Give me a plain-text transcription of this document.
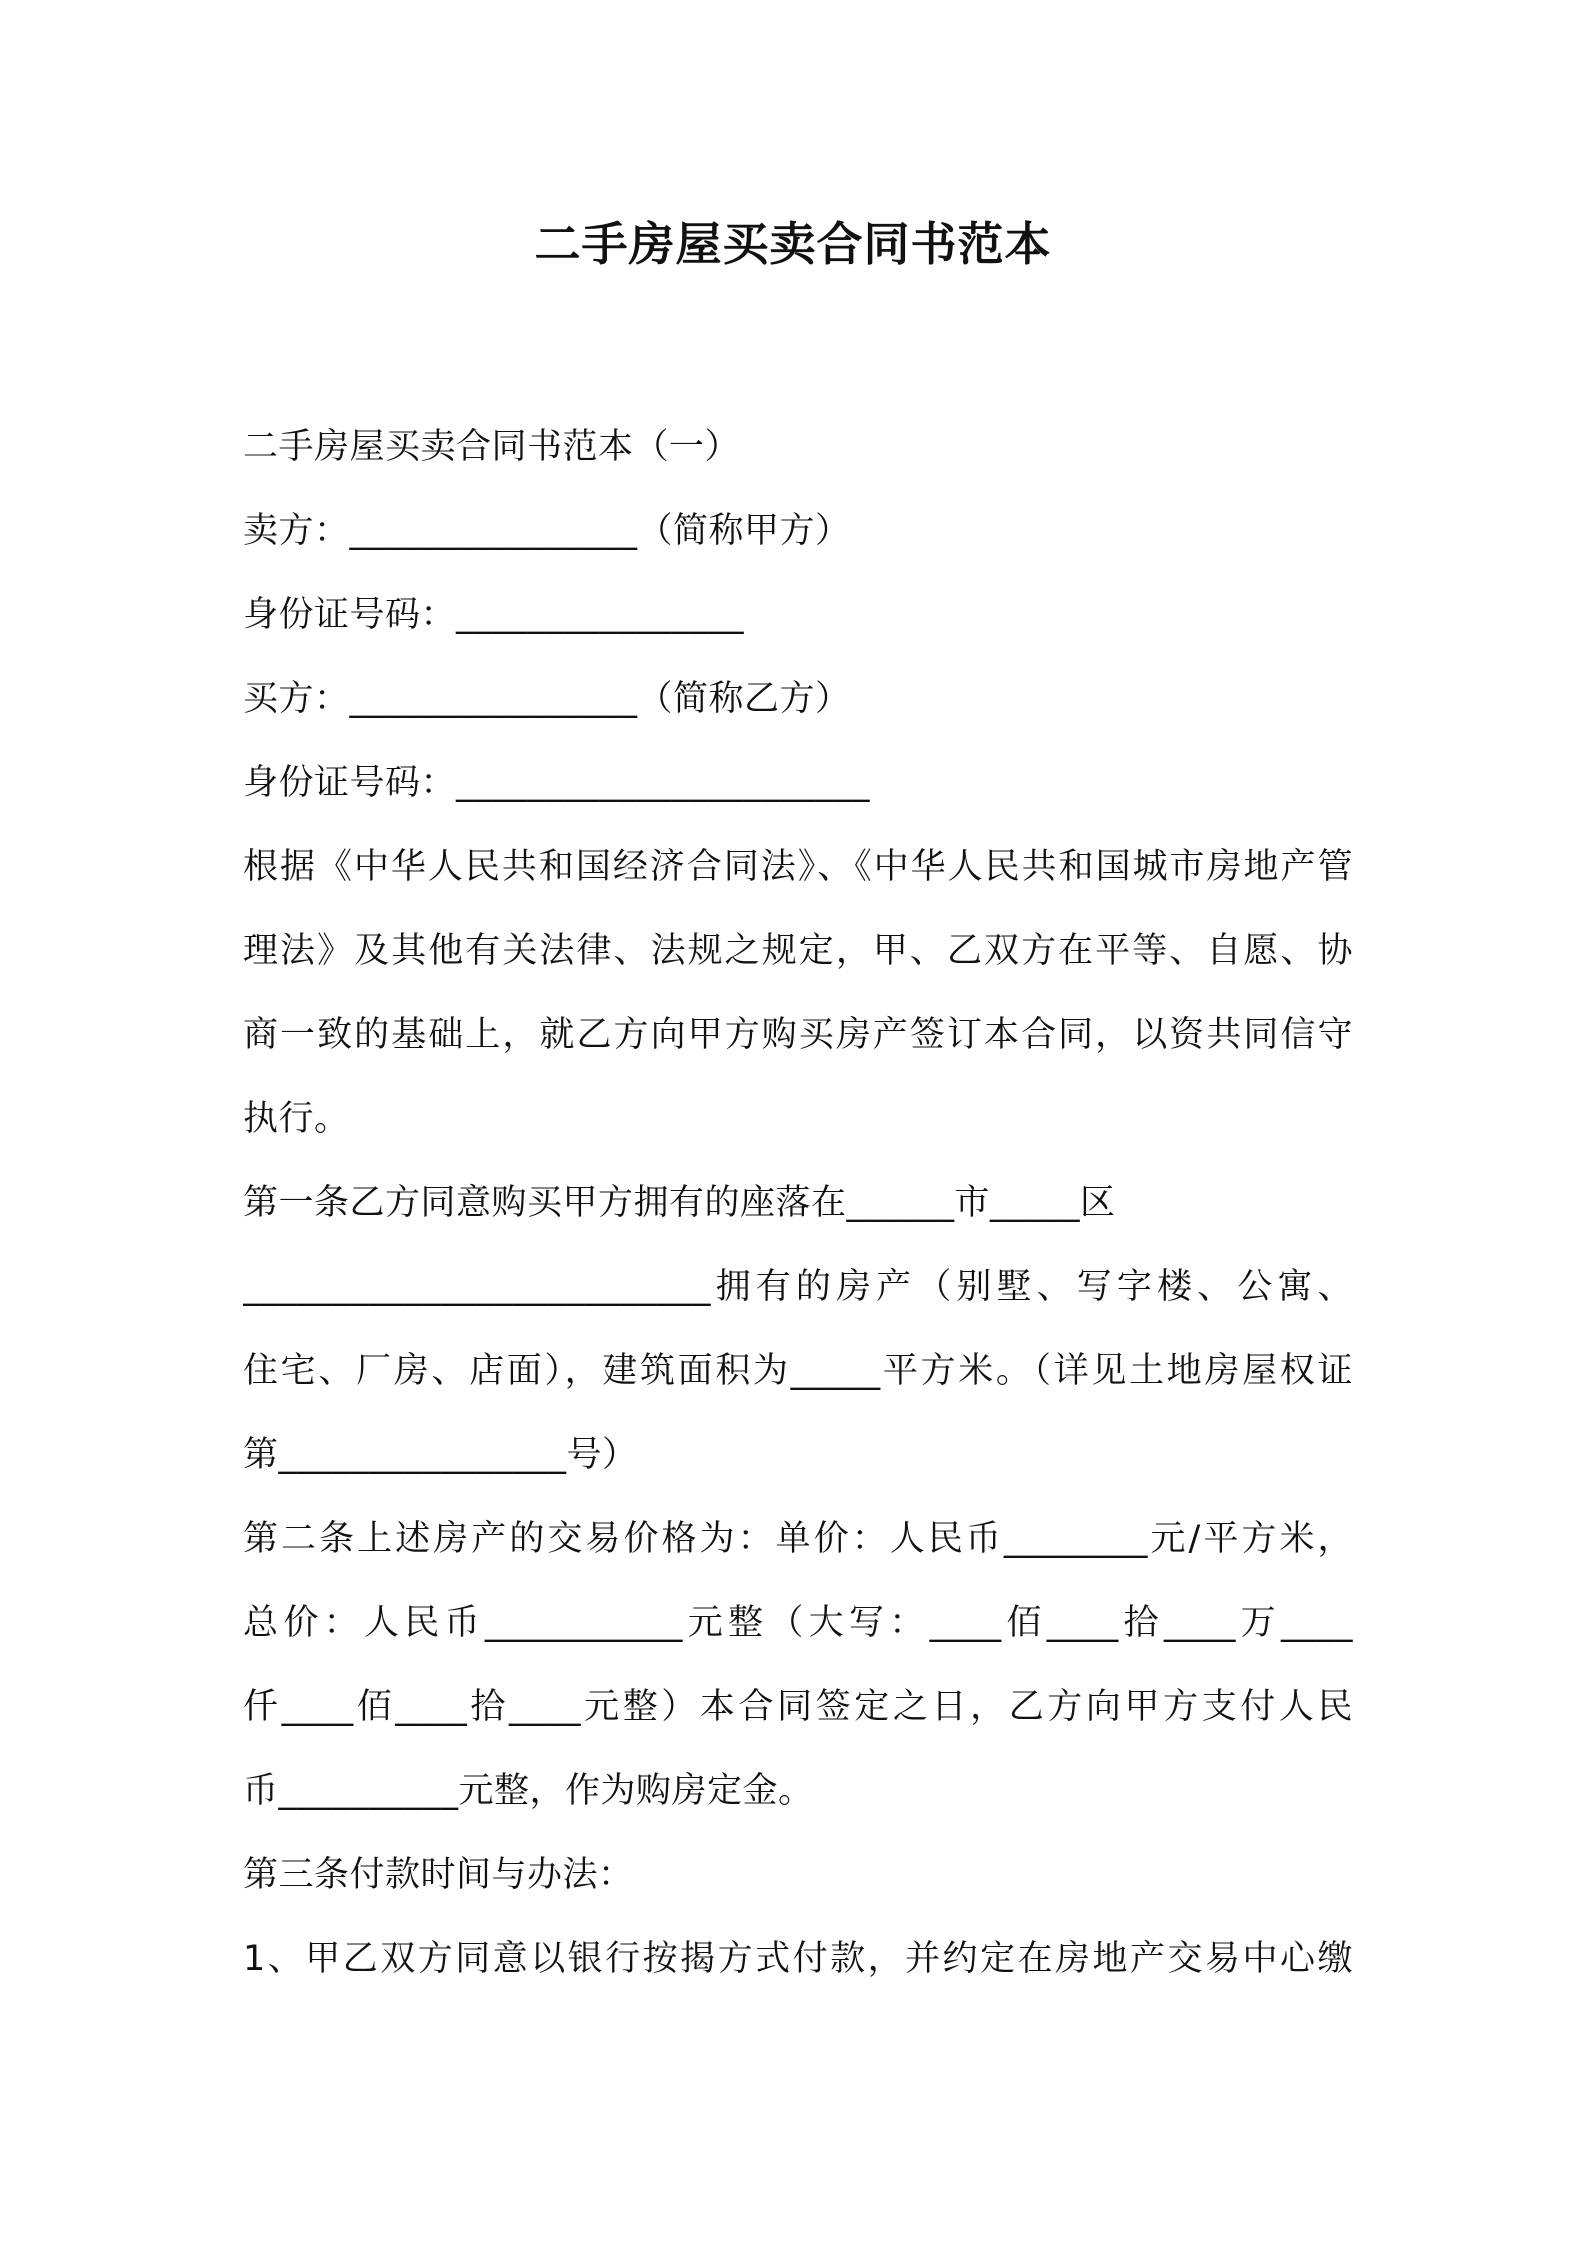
二手房屋买卖合同书范本
二手房屋买卖合同书范本（一）
卖方：________________（简称甲方）
身份证号码：________________
买方：________________（简称乙方）
身份证号码：_______________________
根据《中华人民共和国经济合同法》、《中华人民共和国城市房地产管
理法》及其他有关法律、法规之规定，甲、乙双方在平等、自愿、协
商一致的基础上，就乙方向甲方购买房产签订本合同，以资共同信守
执行。
第一条乙方同意购买甲方拥有的座落在______市_____区
__________________________拥有的房产（别墅、写字楼、公寓、
住宅、厂房、店面），建筑面积为_____平方米。（详见土地房屋权证
第________________号）
第二条上述房产的交易价格为：单价：人民币________元/平方米，
总价：人民币___________元整（大写：____佰____拾____万____
仟____佰____拾____元整）本合同签定之日，乙方向甲方支付人民
币__________元整，作为购房定金。
第三条付款时间与办法：
1、甲乙双方同意以银行按揭方式付款，并约定在房地产交易中心缴
